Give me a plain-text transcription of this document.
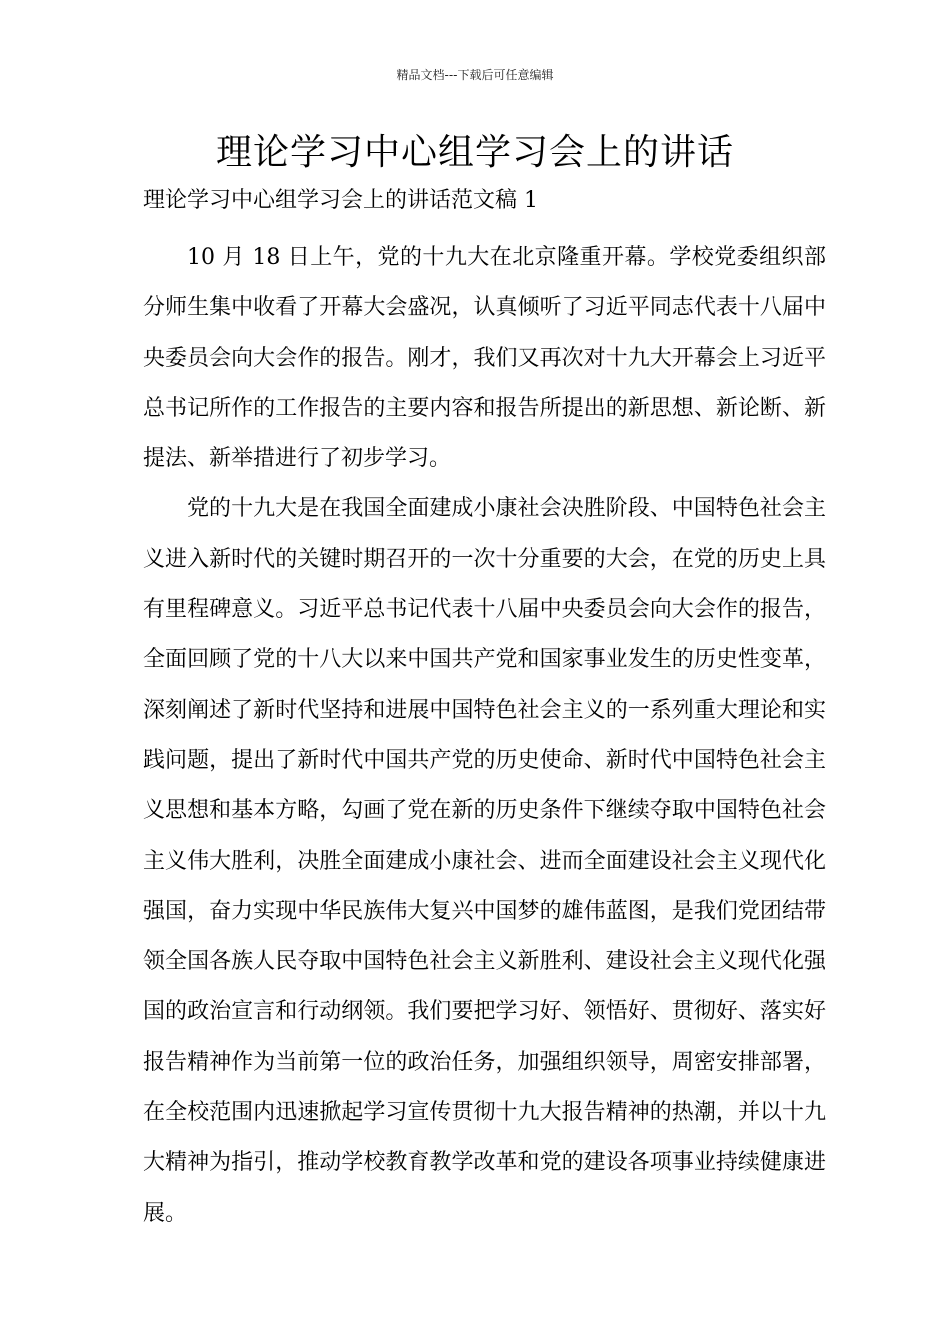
精品文档---下载后可任意编辑
理论学习中心组学习会上的讲话
理论学习中心组学习会上的讲话范文稿 1

10 月 18 日上午，党的十九大在北京隆重开幕。学校党委组织部分师生集中收看了开幕大会盛况，认真倾听了习近平同志代表十八届中央委员会向大会作的报告。刚才，我们又再次对十九大开幕会上习近平总书记所作的工作报告的主要内容和报告所提出的新思想、新论断、新提法、新举措进行了初步学习。

党的十九大是在我国全面建成小康社会决胜阶段、中国特色社会主义进入新时代的关键时期召开的一次十分重要的大会，在党的历史上具有里程碑意义。习近平总书记代表十八届中央委员会向大会作的报告，全面回顾了党的十八大以来中国共产党和国家事业发生的历史性变革，深刻阐述了新时代坚持和进展中国特色社会主义的一系列重大理论和实践问题，提出了新时代中国共产党的历史使命、新时代中国特色社会主义思想和基本方略，勾画了党在新的历史条件下继续夺取中国特色社会主义伟大胜利，决胜全面建成小康社会、进而全面建设社会主义现代化强国，奋力实现中华民族伟大复兴中国梦的雄伟蓝图，是我们党团结带领全国各族人民夺取中国特色社会主义新胜利、建设社会主义现代化强国的政治宣言和行动纲领。我们要把学习好、领悟好、贯彻好、落实好报告精神作为当前第一位的政治任务，加强组织领导，周密安排部署，在全校范围内迅速掀起学习宣传贯彻十九大报告精神的热潮，并以十九大精神为指引，推动学校教育教学改革和党的建设各项事业持续健康进展。
